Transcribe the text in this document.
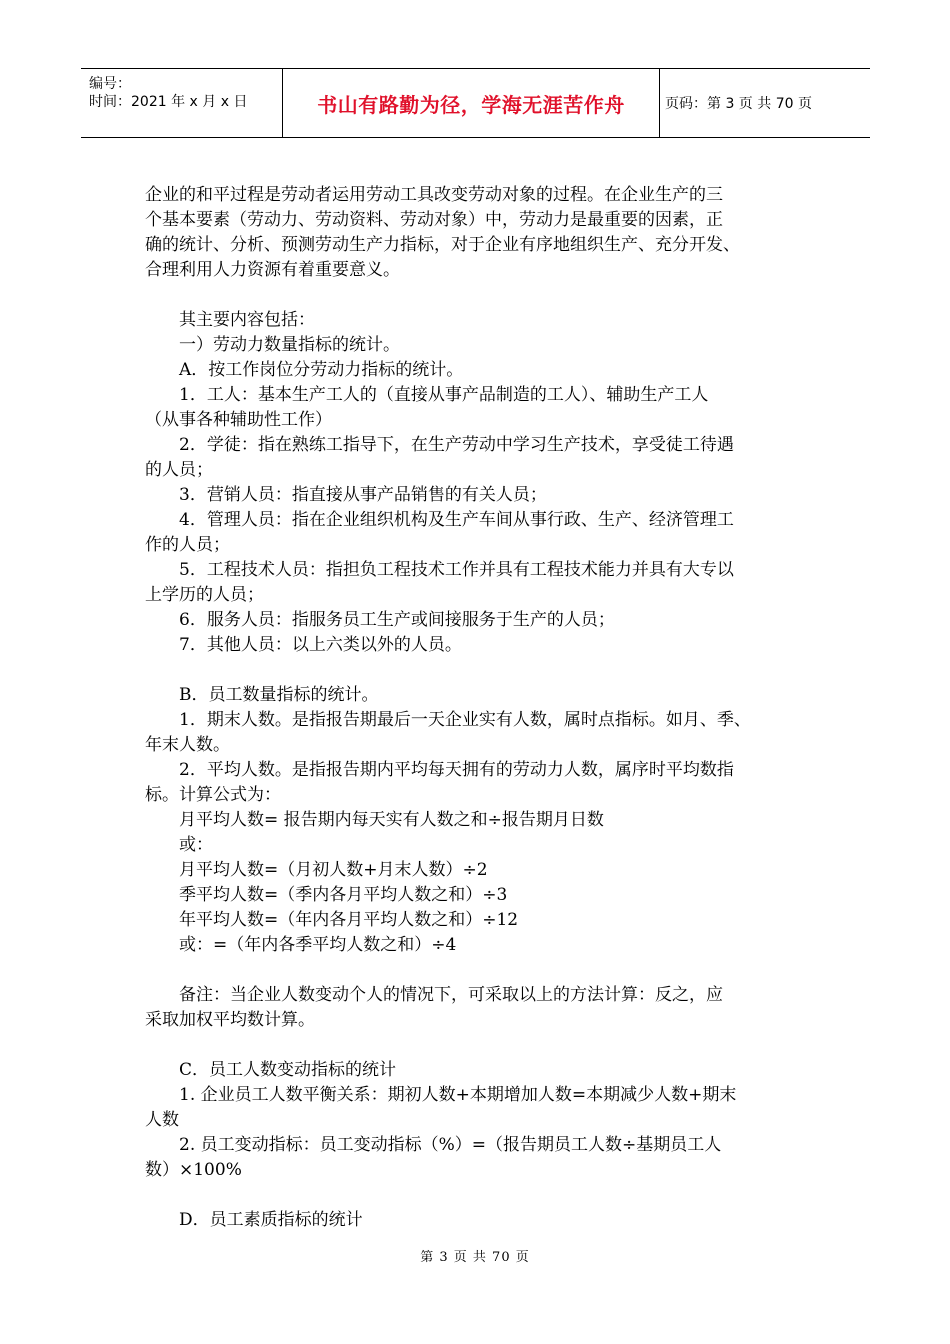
编号：
时间：2021 年 x 月 x 日	书山有路勤为径，学海无涯苦作舟	页码：第 3 页 共 70 页
企业的和平过程是劳动者运用劳动工具改变劳动对象的过程。在企业生产的三
个基本要素（劳动力、劳动资料、劳动对象）中，劳动力是最重要的因素，正
确的统计、分析、预测劳动生产力指标，对于企业有序地组织生产、充分开发、
合理利用人力资源有着重要意义。
其主要内容包括：
一）劳动力数量指标的统计。
A．按工作岗位分劳动力指标的统计。
1．工人：基本生产工人的（直接从事产品制造的工人）、辅助生产工人
（从事各种辅助性工作）
2．学徒：指在熟练工指导下，在生产劳动中学习生产技术，享受徒工待遇
的人员；
3．营销人员：指直接从事产品销售的有关人员；
4．管理人员：指在企业组织机构及生产车间从事行政、生产、经济管理工
作的人员；
5．工程技术人员：指担负工程技术工作并具有工程技术能力并具有大专以
上学历的人员；
6．服务人员：指服务员工生产或间接服务于生产的人员；
7．其他人员：以上六类以外的人员。
B．员工数量指标的统计。
1．期末人数。是指报告期最后一天企业实有人数，属时点指标。如月、季、
年末人数。
2．平均人数。是指报告期内平均每天拥有的劳动力人数，属序时平均数指
标。计算公式为：
月平均人数= 报告期内每天实有人数之和÷报告期月日数
或：
月平均人数=（月初人数+月末人数）÷2
季平均人数=（季内各月平均人数之和）÷3
年平均人数=（年内各月平均人数之和）÷12
或：=（年内各季平均人数之和）÷4
备注：当企业人数变动个人的情况下，可采取以上的方法计算：反之，应
采取加权平均数计算。
C．员工人数变动指标的统计
1. 企业员工人数平衡关系：期初人数+本期增加人数=本期减少人数+期末
人数
2. 员工变动指标：员工变动指标（%）=（报告期员工人数÷基期员工人
数）×100%
D．员工素质指标的统计
第 3 页 共 70 页
